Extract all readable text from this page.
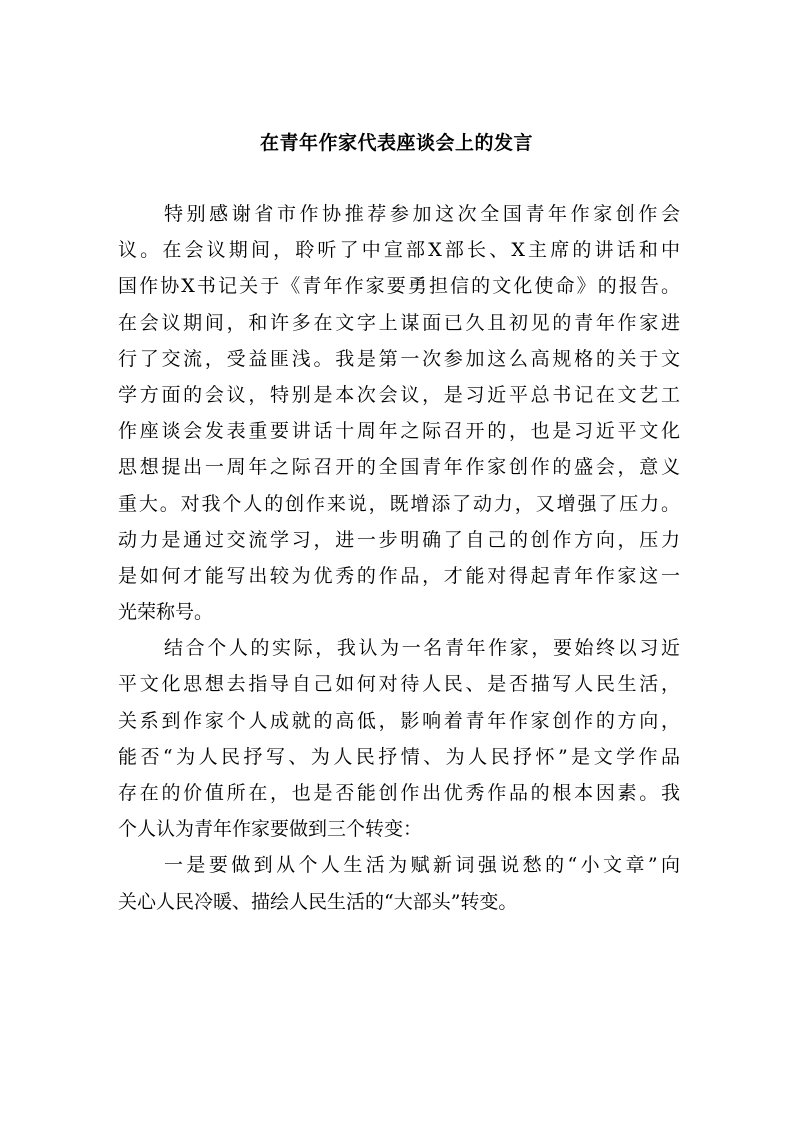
在青年作家代表座谈会上的发言
特别感谢省市作协推荐参加这次全国青年作家创作会
议。在会议期间，聆听了中宣部X部长、X主席的讲话和中
国作协X书记关于《青年作家要勇担信的文化使命》的报告。
在会议期间，和许多在文字上谋面已久且初见的青年作家进
行了交流，受益匪浅。我是第一次参加这么高规格的关于文
学方面的会议，特别是本次会议，是习近平总书记在文艺工
作座谈会发表重要讲话十周年之际召开的，也是习近平文化
思想提出一周年之际召开的全国青年作家创作的盛会，意义
重大。对我个人的创作来说，既增添了动力，又增强了压力。
动力是通过交流学习，进一步明确了自己的创作方向，压力
是如何才能写出较为优秀的作品，才能对得起青年作家这一
光荣称号。
结合个人的实际，我认为一名青年作家，要始终以习近
平文化思想去指导自己如何对待人民、是否描写人民生活，
关系到作家个人成就的高低，影响着青年作家创作的方向，
能否“为人民抒写、为人民抒情、为人民抒怀”是文学作品
存在的价值所在，也是否能创作出优秀作品的根本因素。我
个人认为青年作家要做到三个转变：
一是要做到从个人生活为赋新词强说愁的“小文章”向
关心人民冷暖、描绘人民生活的“大部头”转变。
